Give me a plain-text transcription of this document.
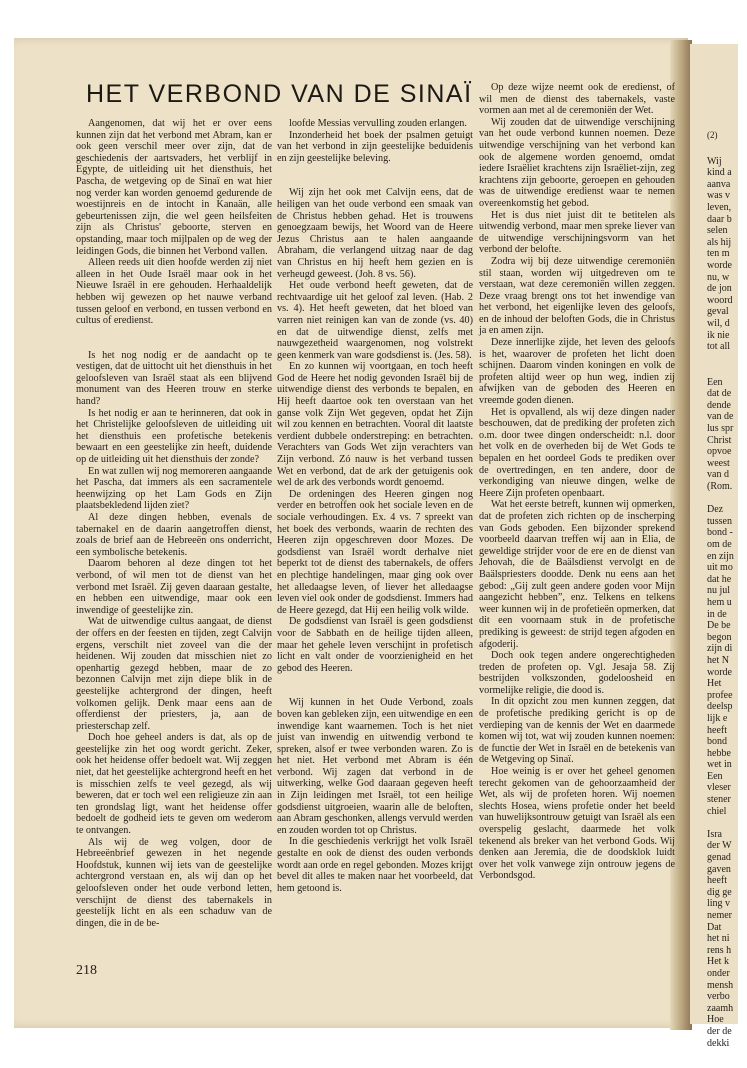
HET VERBOND VAN DE SINAÏ

Aangenomen, dat wij het er over eens kunnen zijn dat het verbond met Abram, kan er ook geen verschil meer over zijn, dat de geschiedenis der aartsvaders, het verblijf in Egypte, de uitleiding uit het diensthuis, het Pascha, de wetgeving op de Sinaï en wat hier nog verder kan worden genoemd gedurende de woestijnreis en de intocht in Kanaän, alle gebeurtenissen zijn, die wel geen heilsfeiten zijn als Christus' geboorte, sterven en opstanding, maar toch mijlpalen op de weg der leidingen Gods, die binnen het Verbond vallen.

Alleen reeds uit dien hoofde werden zij niet alleen in het Oude Israël maar ook in het Nieuwe Israël in ere gehouden. Herhaaldelijk hebben wij gewezen op het nauwe verband tussen geloof en verbond, en tussen verbond en cultus of eredienst.

Is het nog nodig er de aandacht op te vestigen, dat de uittocht uit het diensthuis in het geloofsleven van Israël staat als een blijvend monument van des Heeren trouw en sterke hand?

Is het nodig er aan te herinneren, dat ook in het Christelijke geloofsleven de uitleiding uit het diensthuis een profetische betekenis bewaart en een geestelijke zin heeft, duidende op de uitleiding uit het diensthuis der zonde?

En wat zullen wij nog memoreren aangaande het Pascha, dat immers als een sacramentele heenwijzing op het Lam Gods en Zijn plaatsbekledend lijden ziet?

Al deze dingen hebben, evenals de tabernakel en de daarin aangetroffen dienst, zoals de brief aan de Hebreeën ons onderricht, een symbolische betekenis.

Daarom behoren al deze dingen tot het verbond, of wil men tot de dienst van het verbond met Israël. Zij geven daaraan gestalte, en hebben een uitwendige, maar ook een inwendige of geestelijke zin.

Wat de uitwendige cultus aangaat, de dienst der offers en der feesten en tijden, zegt Calvijn ergens, verschilt niet zoveel van die der heidenen. Wij zouden dat misschien niet zo openhartig gezegd hebben, maar de zo bezonnen Calvijn met zijn diepe blik in de geestelijke achtergrond der dingen, heeft volkomen gelijk. Denk maar eens aan de offerdienst der priesters, ja, aan de priesterschap zelf.

Doch hoe geheel anders is dat, als op de geestelijke zin het oog wordt gericht. Zeker, ook het heidense offer bedoelt wat. Wij zeggen niet, dat het geestelijke achtergrond heeft en het is misschien zelfs te veel gezegd, als wij beweren, dat er toch wel een religieuze zin aan ten grondslag ligt, want het heidense offer bedoelt de godheid iets te geven om wederom te ontvangen.

Als wij de weg volgen, door de Hebreeënbrief gewezen in het negende Hoofdstuk, kunnen wij iets van de geestelijke achtergrond verstaan en, als wij dan op het geloofsleven onder het oude verbond letten, verschijnt de dienst des tabernakels in geestelijk licht en als een schaduw van de dingen, die in de be-

loofde Messias vervulling zouden erlangen.

Inzonderheid het boek der psalmen getuigt van het verbond in zijn geestelijke beduidenis en zijn geestelijke beleving.

Wij zijn het ook met Calvijn eens, dat de heiligen van het oude verbond een smaak van de Christus hebben gehad. Het is trouwens genoegzaam bewijs, het Woord van de Heere Jezus Christus aan te halen aangaande Abraham, die verlangend uitzag naar de dag van Christus en hij heeft hem gezien en is verheugd geweest. (Joh. 8 vs. 56).

Het oude verbond heeft geweten, dat de rechtvaardige uit het geloof zal leven. (Hab. 2 vs. 4). Het heeft geweten, dat het bloed van varren niet reinigen kan van de zonde (vs. 40) en dat de uitwendige dienst, zelfs met nauwgezetheid waargenomen, nog volstrekt geen kenmerk van ware godsdienst is. (Jes. 58).

En zo kunnen wij voortgaan, en toch heeft God de Heere het nodig gevonden Israël bij de uitwendige dienst des verbonds te bepalen, en Hij heeft daartoe ook ten overstaan van het ganse volk Zijn Wet gegeven, opdat het Zijn wil zou kennen en betrachten. Vooral dit laatste verdient dubbele onderstreping: en betrachten. Verachters van Gods Wet zijn verachters van Zijn verbond. Zó nauw is het verband tussen Wet en verbond, dat de ark der getuigenis ook wel de ark des verbonds wordt genoemd.

De ordeningen des Heeren gingen nog verder en betroffen ook het sociale leven en de sociale verhoudingen. Ex. 4 vs. 7 spreekt van het boek des verbonds, waarin de rechten des Heeren zijn opgeschreven door Mozes. De godsdienst van Israël wordt derhalve niet beperkt tot de dienst des tabernakels, de offers en plechtige handelingen, maar ging ook over het alledaagse leven, of liever het alledaagse leven viel ook onder de godsdienst. Immers had de Heere gezegd, dat Hij een heilig volk wilde.

De godsdienst van Israël is geen godsdienst voor de Sabbath en de heilige tijden alleen, maar het gehele leven verschijnt in profetisch licht en valt onder de voorzienigheid en het gebod des Heeren.

Wij kunnen in het Oude Verbond, zoals boven kan gebleken zijn, een uitwendige en een inwendige kant waarnemen. Toch is het niet juist van inwendig en uitwendig verbond te spreken, alsof er twee verbonden waren. Zo is het niet. Het verbond met Abram is één verbond. Wij zagen dat verbond in de uitwerking, welke God daaraan gegeven heeft in Zijn leidingen met Israël, tot een heilige godsdienst uitgroeien, waarin alle de beloften, aan Abram geschonken, allengs vervuld werden en zouden worden tot op Christus.

In die geschiedenis verkrijgt het volk Israël gestalte en ook de dienst des ouden verbonds wordt aan orde en regel gebonden. Mozes krijgt bevel dit alles te maken naar het voorbeeld, dat hem getoond is.

Op deze wijze neemt ook de eredienst, of wil men de dienst des tabernakels, vaste vormen aan met al de ceremoniën der Wet.

Wij zouden dat de uitwendige verschijning van het oude verbond kunnen noemen. Deze uitwendige verschijning van het verbond kan ook de algemene worden genoemd, omdat iedere Israëliet krachtens zijn Israëliet-zijn, zeg krachtens zijn geboorte, geroepen en gehouden was de uitwendige eredienst waar te nemen overeenkomstig het gebod.

Het is dus niet juist dit te betitelen als uitwendig verbond, maar men spreke liever van de uitwendige verschijningsvorm van het verbond der belofte.

Zodra wij bij deze uitwendige ceremoniën stil staan, worden wij uitgedreven om te verstaan, wat deze ceremoniën willen zeggen. Deze vraag brengt ons tot het inwendige van het verbond, het eigenlijke leven des geloofs, en de inhoud der beloften Gods, die in Christus ja en amen zijn.

Deze innerlijke zijde, het leven des geloofs is het, waarover de profeten het licht doen schijnen. Daarom vinden koningen en volk de profeten altijd weer op hun weg, indien zij afwijken van de geboden des Heeren en vreemde goden dienen.

Het is opvallend, als wij deze dingen nader beschouwen, dat de prediking der profeten zich o.m. door twee dingen onderscheidt: n.l. door het volk en de overheden bij de Wet Gods te bepalen en het oordeel Gods te prediken over de overtredingen, en ten andere, door de verkondiging van nieuwe dingen, welke de Heere Zijn profeten openbaart.

Wat het eerste betreft, kunnen wij opmerken, dat de profeten zich richten op de inscherping van Gods geboden. Een bijzonder sprekend voorbeeld daarvan treffen wij aan in Elia, de geweldige strijder voor de ere en de dienst van Jehovah, die de Baälsdienst vervolgt en de Baälspriesters doodde. Denk nu eens aan het gebod: „Gij zult geen andere goden voor Mijn aangezicht hebben”, enz. Telkens en telkens weer kunnen wij in de profetieën opmerken, dat dit een voornaam stuk in de profetische prediking is geweest: de strijd tegen afgoden en afgoderij.

Doch ook tegen andere ongerechtigheden treden de profeten op. Vgl. Jesaja 58. Zij bestrijden volkszonden, godeloosheid en vormelijke religie, die dood is.

In dit opzicht zou men kunnen zeggen, dat de profetische prediking gericht is op de verdieping van de kennis der Wet en daarmede komen wij tot, wat wij zouden kunnen noemen: de functie der Wet in Israël en de betekenis van de Wetgeving op Sinaï.

Hoe weinig is er over het geheel genomen terecht gekomen van de gehoorzaamheid der Wet, als wij de profeten horen. Wij noemen slechts Hosea, wiens profetie onder het beeld van huwelijksontrouw getuigt van Israël als een overspelig geslacht, daarmede het volk tekenend als breker van het verbond Gods. Wij denken aan Jeremia, die de doodsklok luidt over het volk vanwege zijn ontrouw jegens de Verbondsgod.

218
(2)
Wij
kind a
aanva
was v
leven,
daar b
selen
als hij
ten m
worde
nu, w
de jon
woord
geval
wil, d
ik nie
tot all
Een
dat de
dende
van de
lus spr
Christ
opvoe
weest
van d
(Rom.
Dez
tussen
bond -
om de
en zijn
uit mo
dat he
nu jul
hem u
in de
De be
begon
zijn di
het N
worde
Het
profee
deelsp
lijk e
heeft
bond
hebbe
wet in
Een
vleser
stener
chiel
Isra
der W
genad
gaven
heeft
dig ge
ling v
nemer
Dat
het ni
rens h
Het k
onder
mensh
verbo
zaamh
Hoe
der de
dekki
